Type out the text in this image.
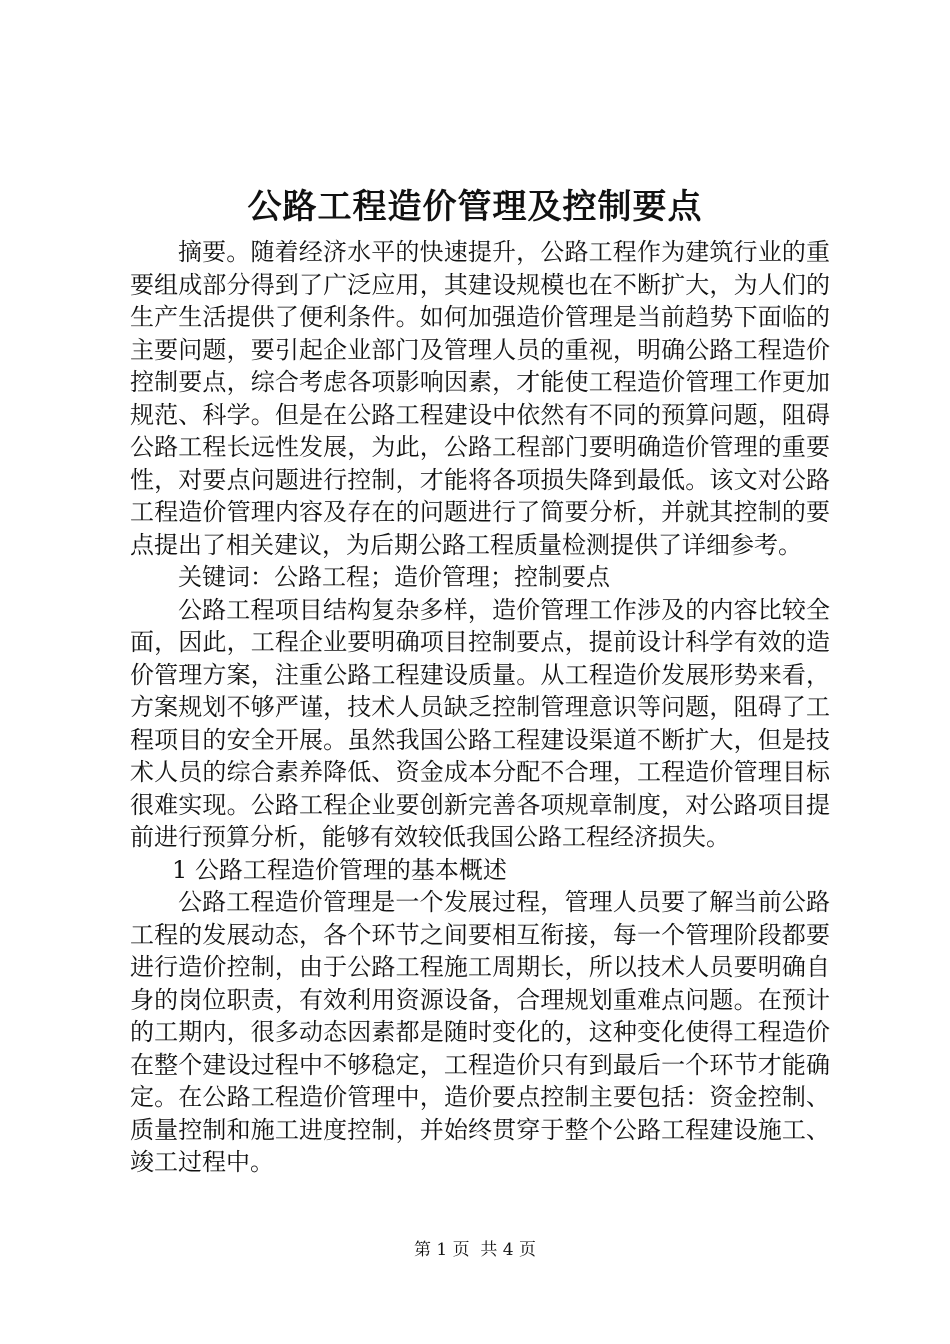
公路工程造价管理及控制要点

摘要。随着经济水平的快速提升，公路工程作为建筑行业的重要组成部分得到了广泛应用，其建设规模也在不断扩大，为人们的生产生活提供了便利条件。如何加强造价管理是当前趋势下面临的主要问题，要引起企业部门及管理人员的重视，明确公路工程造价控制要点，综合考虑各项影响因素，才能使工程造价管理工作更加规范、科学。但是在公路工程建设中依然有不同的预算问题，阻碍公路工程长远性发展，为此，公路工程部门要明确造价管理的重要性，对要点问题进行控制，才能将各项损失降到最低。该文对公路工程造价管理内容及存在的问题进行了简要分析，并就其控制的要点提出了相关建议，为后期公路工程质量检测提供了详细参考。

关键词：公路工程；造价管理；控制要点

公路工程项目结构复杂多样，造价管理工作涉及的内容比较全面，因此，工程企业要明确项目控制要点，提前设计科学有效的造价管理方案，注重公路工程建设质量。从工程造价发展形势来看，方案规划不够严谨，技术人员缺乏控制管理意识等问题，阻碍了工程项目的安全开展。虽然我国公路工程建设渠道不断扩大，但是技术人员的综合素养降低、资金成本分配不合理，工程造价管理目标很难实现。公路工程企业要创新完善各项规章制度，对公路项目提前进行预算分析，能够有效较低我国公路工程经济损失。

1 公路工程造价管理的基本概述

公路工程造价管理是一个发展过程，管理人员要了解当前公路工程的发展动态，各个环节之间要相互衔接，每一个管理阶段都要进行造价控制，由于公路工程施工周期长，所以技术人员要明确自身的岗位职责，有效利用资源设备，合理规划重难点问题。在预计的工期内，很多动态因素都是随时变化的，这种变化使得工程造价在整个建设过程中不够稳定，工程造价只有到最后一个环节才能确定。在公路工程造价管理中，造价要点控制主要包括：资金控制、质量控制和施工进度控制，并始终贯穿于整个公路工程建设施工、竣工过程中。

第 1 页 共 4 页
